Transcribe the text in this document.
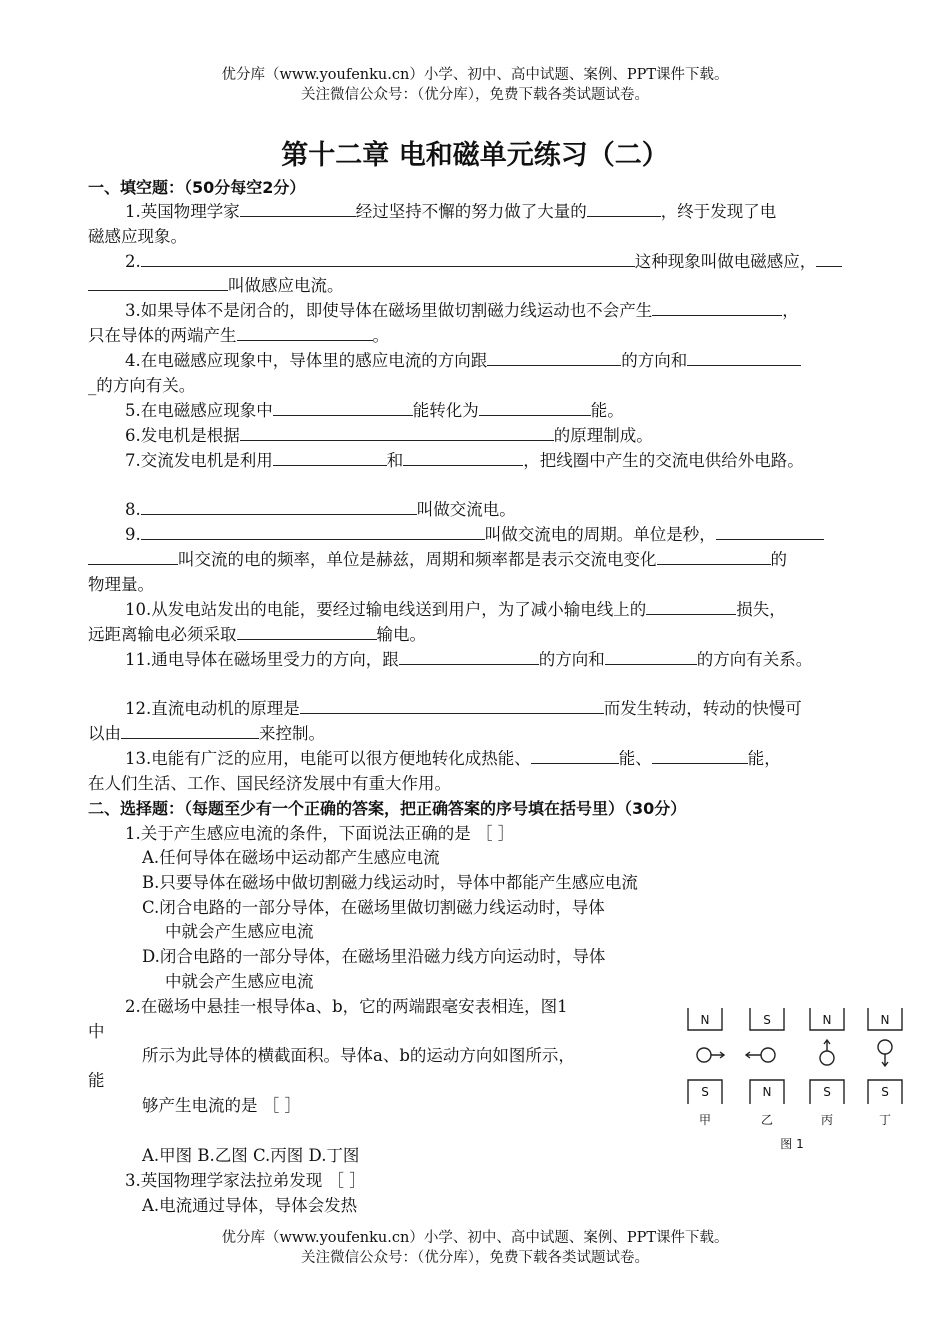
优分库（www.youfenku.cn）小学、初中、高中试题、案例、PPT课件下载。
关注微信公众号：（优分库），免费下载各类试题试卷。
第十二章 电和磁单元练习（二）
一、填空题：（50分每空2分）
1.英国物理学家	经过坚持不懈的努力做了大量的	，终于发现了电
磁感应现象。
2.	这种现象叫做电磁感应，
叫做感应电流。
3.如果导体不是闭合的，即使导体在磁场里做切割磁力线运动也不会产生	，
只在导体的两端产生	。
4.在电磁感应现象中，导体里的感应电流的方向跟	的方向和
_的方向有关。
5.在电磁感应现象中	能转化为	能。
6.发电机是根据	的原理制成。
7.交流发电机是利用	和	，把线圈中产生的交流电供给外电路。
8.	叫做交流电。
9.	叫做交流电的周期。单位是秒，
叫交流的电的频率，单位是赫兹，周期和频率都是表示交流电变化	的
物理量。
10.从发电站发出的电能，要经过输电线送到用户，为了减小输电线上的	损失，
远距离输电必须采取	输电。
11.通电导体在磁场里受力的方向，跟	的方向和	的方向有关系。
12.直流电动机的原理是	而发生转动，转动的快慢可
以由	来控制。
13.电能有广泛的应用，电能可以很方便地转化成热能、	能、	能，
在人们生活、工作、国民经济发展中有重大作用。
二、选择题：（每题至少有一个正确的答案，把正确答案的序号填在括号里）（30分）
1.关于产生感应电流的条件，下面说法正确的是 ［ ］
A.任何导体在磁场中运动都产生感应电流
B.只要导体在磁场中做切割磁力线运动时，导体中都能产生感应电流
C.闭合电路的一部分导体，在磁场里做切割磁力线运动时，导体
中就会产生感应电流
D.闭合电路的一部分导体，在磁场里沿磁力线方向运动时，导体
中就会产生感应电流
2.在磁场中悬挂一根导体a、b，它的两端跟毫安表相连，图1
中
所示为此导体的横截面积。导体a、b的运动方向如图所示，
能
够产生电流的是 ［ ］
A.甲图 B.乙图 C.丙图 D.丁图
3.英国物理学家法拉弟发现 ［ ］
A.电流通过导体，导体会发热
N	S	N	N
S	N	S	S
甲	乙	丙	丁
图 1
优分库（www.youfenku.cn）小学、初中、高中试题、案例、PPT课件下载。
关注微信公众号：（优分库），免费下载各类试题试卷。
